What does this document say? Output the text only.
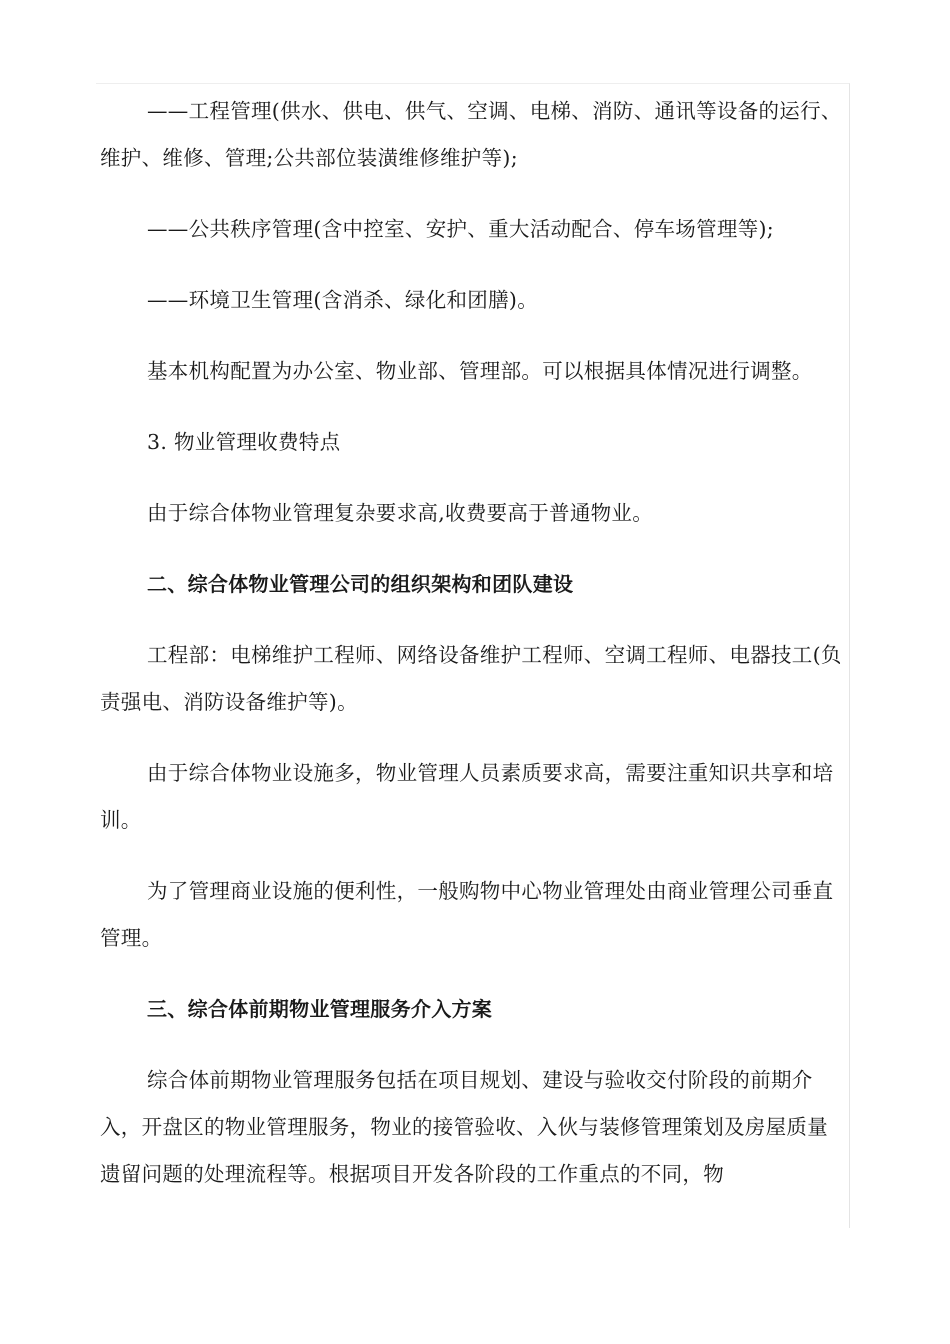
——工程管理(供水、供电、供气、空调、电梯、消防、通讯等设备的运行、维护、维修、管理;公共部位装潢维修维护等);

——公共秩序管理(含中控室、安护、重大活动配合、停车场管理等);

——环境卫生管理(含消杀、绿化和团膳)。

基本机构配置为办公室、物业部、管理部。可以根据具体情况进行调整。

3. 物业管理收费特点

由于综合体物业管理复杂要求高,收费要高于普通物业。

二、综合体物业管理公司的组织架构和团队建设

工程部：电梯维护工程师、网络设备维护工程师、空调工程师、电器技工(负责强电、消防设备维护等)。

由于综合体物业设施多，物业管理人员素质要求高，需要注重知识共享和培训。

为了管理商业设施的便利性，一般购物中心物业管理处由商业管理公司垂直管理。

三、综合体前期物业管理服务介入方案

综合体前期物业管理服务包括在项目规划、建设与验收交付阶段的前期介入，开盘区的物业管理服务，物业的接管验收、入伙与装修管理策划及房屋质量遗留问题的处理流程等。根据项目开发各阶段的工作重点的不同，物
